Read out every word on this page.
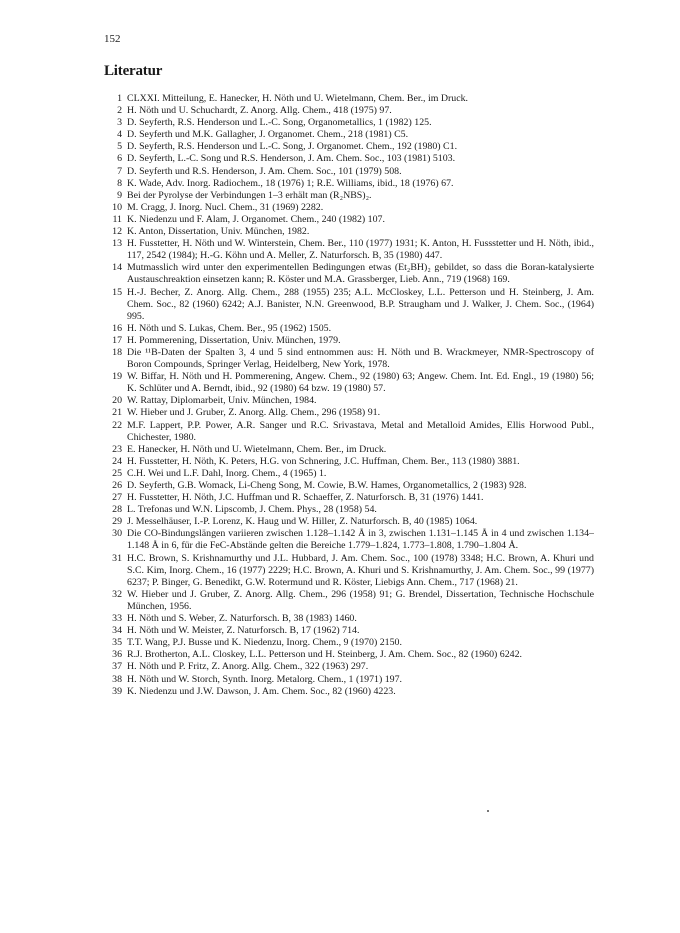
152
Literatur
1 CLXXI. Mitteilung, E. Hanecker, H. Nöth und U. Wietelmann, Chem. Ber., im Druck.
2 H. Nöth und U. Schuchardt, Z. Anorg. Allg. Chem., 418 (1975) 97.
3 D. Seyferth, R.S. Henderson und L.-C. Song, Organometallics, 1 (1982) 125.
4 D. Seyferth und M.K. Gallagher, J. Organomet. Chem., 218 (1981) C5.
5 D. Seyferth, R.S. Henderson und L.-C. Song, J. Organomet. Chem., 192 (1980) C1.
6 D. Seyferth, L.-C. Song und R.S. Henderson, J. Am. Chem. Soc., 103 (1981) 5103.
7 D. Seyferth und R.S. Henderson, J. Am. Chem. Soc., 101 (1979) 508.
8 K. Wade, Adv. Inorg. Radiochem., 18 (1976) 1; R.E. Williams, ibid., 18 (1976) 67.
9 Bei der Pyrolyse der Verbindungen 1–3 erhält man (R₂NBS)₂.
10 M. Cragg, J. Inorg. Nucl. Chem., 31 (1969) 2282.
11 K. Niedenzu und F. Alam, J. Organomet. Chem., 240 (1982) 107.
12 K. Anton, Dissertation, Univ. München, 1982.
13 H. Fusstetter, H. Nöth und W. Winterstein, Chem. Ber., 110 (1977) 1931; K. Anton, H. Fussstetter und H. Nöth, ibid., 117, 2542 (1984); H.-G. Köhn und A. Meller, Z. Naturforsch. B, 35 (1980) 447.
14 Mutmasslich wird unter den experimentellen Bedingungen etwas (Et₂BH)₂ gebildet, so dass die Boran-katalysierte Austauschreaktion einsetzen kann; R. Köster und M.A. Grassberger, Lieb. Ann., 719 (1968) 169.
15 H.-J. Becher, Z. Anorg. Allg. Chem., 288 (1955) 235; A.L. McCloskey, L.L. Petterson und H. Steinberg, J. Am. Chem. Soc., 82 (1960) 6242; A.J. Banister, N.N. Greenwood, B.P. Straugham und J. Walker, J. Chem. Soc., (1964) 995.
16 H. Nöth und S. Lukas, Chem. Ber., 95 (1962) 1505.
17 H. Pommerening, Dissertation, Univ. München, 1979.
18 Die ¹¹B-Daten der Spalten 3, 4 und 5 sind entnommen aus: H. Nöth und B. Wrackmeyer, NMR-Spectroscopy of Boron Compounds, Springer Verlag, Heidelberg, New York, 1978.
19 W. Biffar, H. Nöth und H. Pommerening, Angew. Chem., 92 (1980) 63; Angew. Chem. Int. Ed. Engl., 19 (1980) 56; K. Schlüter und A. Berndt, ibid., 92 (1980) 64 bzw. 19 (1980) 57.
20 W. Rattay, Diplomarbeit, Univ. München, 1984.
21 W. Hieber und J. Gruber, Z. Anorg. Allg. Chem., 296 (1958) 91.
22 M.F. Lappert, P.P. Power, A.R. Sanger und R.C. Srivastava, Metal and Metalloid Amides, Ellis Horwood Publ., Chichester, 1980.
23 E. Hanecker, H. Nöth und U. Wietelmann, Chem. Ber., im Druck.
24 H. Fusstetter, H. Nöth, K. Peters, H.G. von Schnering, J.C. Huffman, Chem. Ber., 113 (1980) 3881.
25 C.H. Wei und L.F. Dahl, Inorg. Chem., 4 (1965) 1.
26 D. Seyferth, G.B. Womack, Li-Cheng Song, M. Cowie, B.W. Hames, Organometallics, 2 (1983) 928.
27 H. Fusstetter, H. Nöth, J.C. Huffman und R. Schaeffer, Z. Naturforsch. B, 31 (1976) 1441.
28 L. Trefonas und W.N. Lipscomb, J. Chem. Phys., 28 (1958) 54.
29 J. Messelhäuser, I.-P. Lorenz, K. Haug und W. Hiller, Z. Naturforsch. B, 40 (1985) 1064.
30 Die CO-Bindungslängen variieren zwischen 1.128–1.142 Å in 3, zwischen 1.131–1.145 Å in 4 und zwischen 1.134–1.148 Å in 6, für die FeC-Abstände gelten die Bereiche 1.779–1.824, 1.773–1.808, 1.790–1.804 Å.
31 H.C. Brown, S. Krishnamurthy und J.L. Hubbard, J. Am. Chem. Soc., 100 (1978) 3348; H.C. Brown, A. Khuri und S.C. Kim, Inorg. Chem., 16 (1977) 2229; H.C. Brown, A. Khuri und S. Krishnamurthy, J. Am. Chem. Soc., 99 (1977) 6237; P. Binger, G. Benedikt, G.W. Rotermund und R. Köster, Liebigs Ann. Chem., 717 (1968) 21.
32 W. Hieber und J. Gruber, Z. Anorg. Allg. Chem., 296 (1958) 91; G. Brendel, Dissertation, Technische Hochschule München, 1956.
33 H. Nöth und S. Weber, Z. Naturforsch. B, 38 (1983) 1460.
34 H. Nöth und W. Meister, Z. Naturforsch. B, 17 (1962) 714.
35 T.T. Wang, P.J. Busse und K. Niedenzu, Inorg. Chem., 9 (1970) 2150.
36 R.J. Brotherton, A.L. Closkey, L.L. Petterson und H. Steinberg, J. Am. Chem. Soc., 82 (1960) 6242.
37 H. Nöth und P. Fritz, Z. Anorg. Allg. Chem., 322 (1963) 297.
38 H. Nöth und W. Storch, Synth. Inorg. Metalorg. Chem., 1 (1971) 197.
39 K. Niedenzu und J.W. Dawson, J. Am. Chem. Soc., 82 (1960) 4223.
